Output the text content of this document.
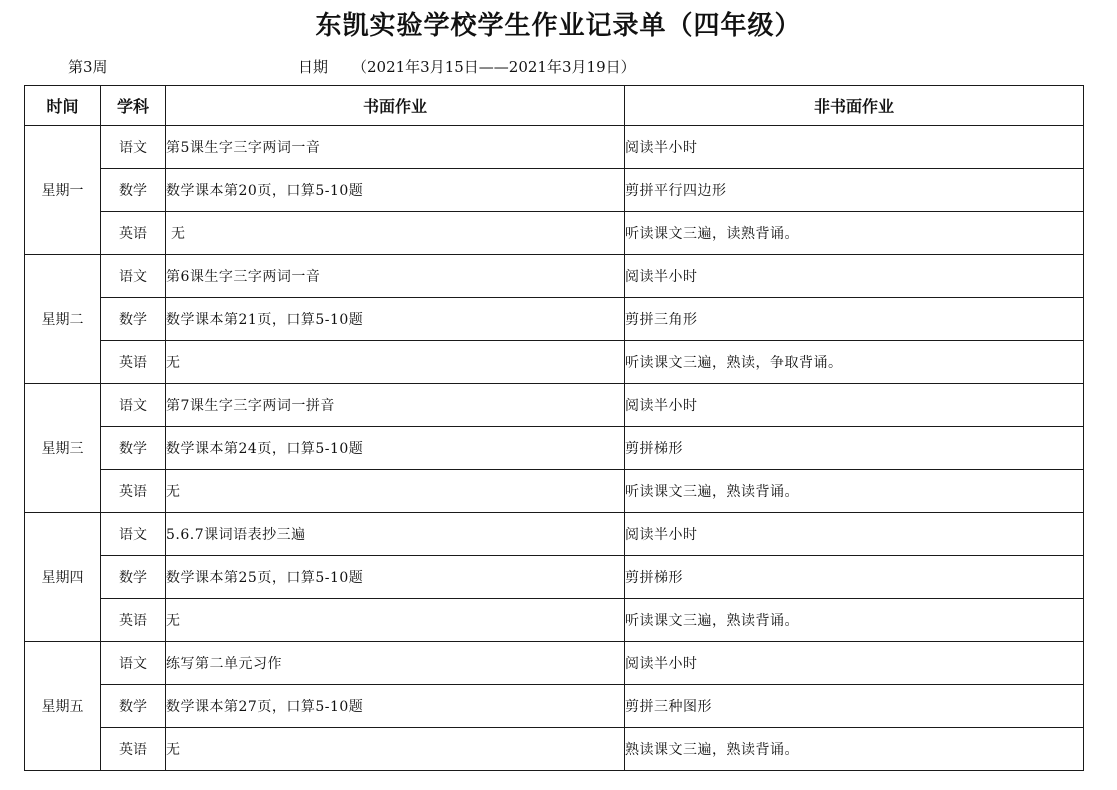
东凯实验学校学生作业记录单（四年级）
第3周	日期 （2021年3月15日——2021年3月19日）
时间	学科	书面作业	非书面作业
星期一	语文	第5课生字三字两词一音	阅读半小时
	数学	数学课本第20页，口算5-10题	剪拼平行四边形
	英语	无	听读课文三遍，读熟背诵。
星期二	语文	第6课生字三字两词一音	阅读半小时
	数学	数学课本第21页，口算5-10题	剪拼三角形
	英语	无	听读课文三遍，熟读，争取背诵。
星期三	语文	第7课生字三字两词一拼音	阅读半小时
	数学	数学课本第24页，口算5-10题	剪拼梯形
	英语	无	听读课文三遍，熟读背诵。
星期四	语文	5.6.7课词语表抄三遍	阅读半小时
	数学	数学课本第25页，口算5-10题	剪拼梯形
	英语	无	听读课文三遍，熟读背诵。
星期五	语文	练写第二单元习作	阅读半小时
	数学	数学课本第27页，口算5-10题	剪拼三种图形
	英语	无	熟读课文三遍，熟读背诵。
